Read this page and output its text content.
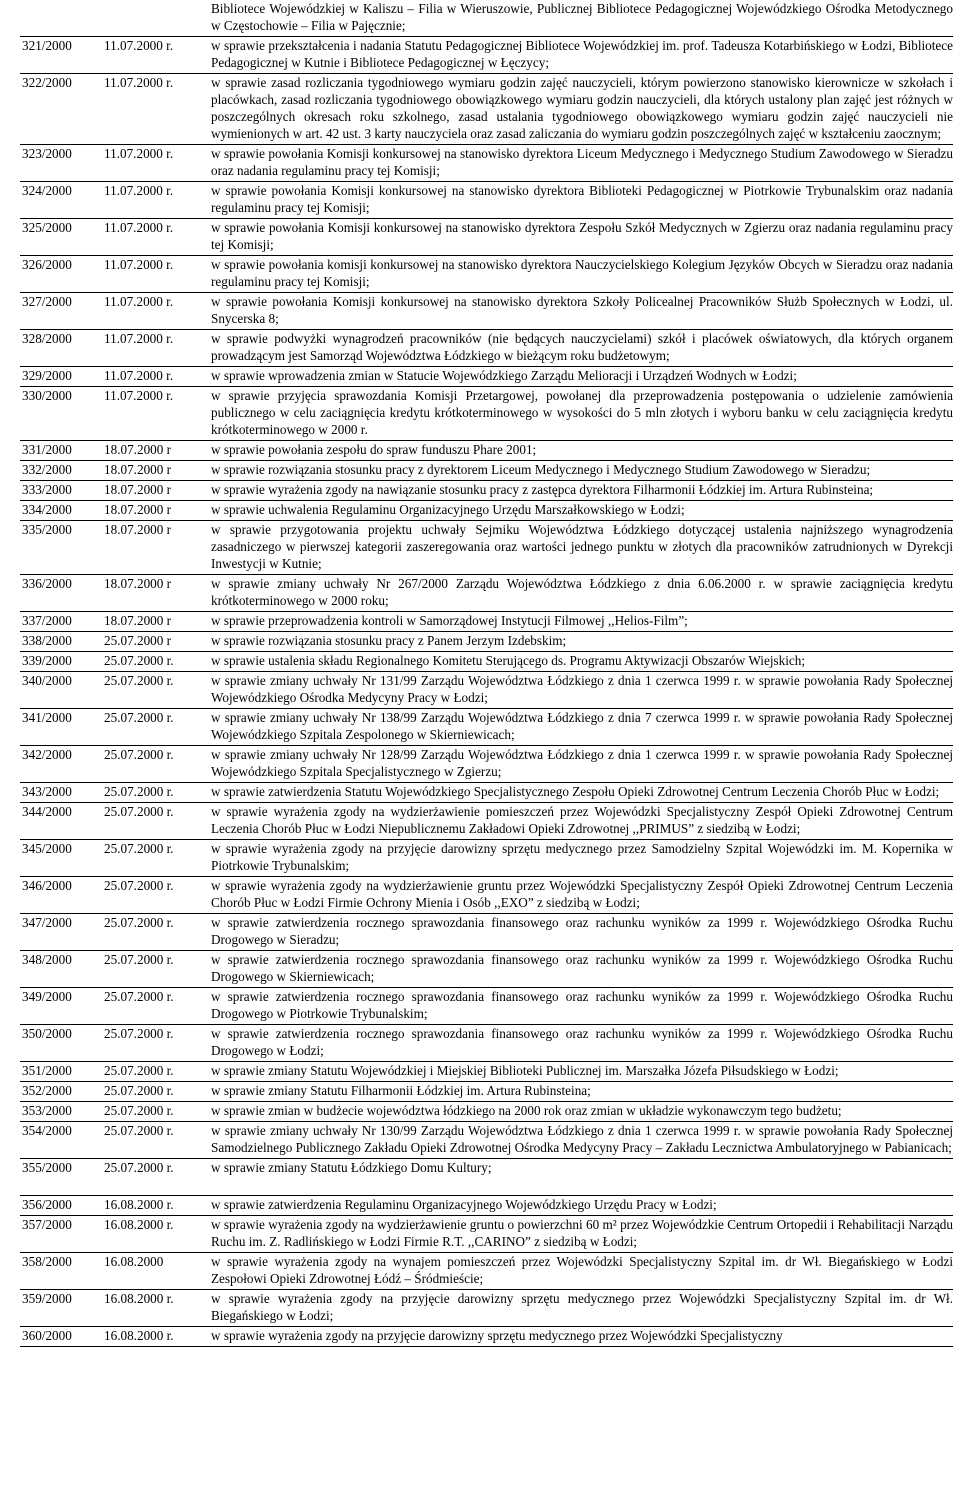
		Bibliotece Wojewódzkiej w Kaliszu – Filia w Wieruszowie, Publicznej Bibliotece Pedagogicznej Wojewódzkiego Ośrodka Metodycznego w Częstochowie – Filia w Pajęcznie;
321/2000	11.07.2000 r.	w sprawie przekształcenia i nadania Statutu Pedagogicznej Bibliotece Wojewódzkiej im. prof. Tadeusza Kotarbińskiego w Łodzi, Bibliotece Pedagogicznej w Kutnie i Bibliotece Pedagogicznej w Łęczycy;
322/2000	11.07.2000 r.	w sprawie zasad rozliczania tygodniowego wymiaru godzin zajęć nauczycieli, którym powierzono stanowisko kierownicze w szkołach i placówkach, zasad rozliczania tygodniowego obowiązkowego wymiaru godzin nauczycieli, dla których ustalony plan zajęć jest różnych w poszczególnych okresach roku szkolnego, zasad ustalania tygodniowego obowiązkowego wymiaru godzin zajęć nauczycieli nie wymienionych w art. 42 ust. 3 karty nauczyciela oraz zasad zaliczania do wymiaru godzin poszczególnych zajęć w kształceniu zaocznym;
323/2000	11.07.2000 r.	w sprawie powołania Komisji konkursowej na stanowisko dyrektora Liceum Medycznego i Medycznego Studium Zawodowego w Sieradzu oraz nadania regulaminu pracy tej Komisji;
324/2000	11.07.2000 r.	w sprawie powołania Komisji konkursowej na stanowisko dyrektora Biblioteki Pedagogicznej w Piotrkowie Trybunalskim oraz nadania regulaminu pracy tej Komisji;
325/2000	11.07.2000 r.	w sprawie powołania Komisji konkursowej na stanowisko dyrektora Zespołu Szkół Medycznych w Zgierzu oraz nadania regulaminu pracy tej Komisji;
326/2000	11.07.2000 r.	w sprawie powołania komisji konkursowej na stanowisko dyrektora Nauczycielskiego Kolegium Języków Obcych w Sieradzu oraz nadania regulaminu pracy tej Komisji;
327/2000	11.07.2000 r.	w sprawie powołania Komisji konkursowej na stanowisko dyrektora Szkoły Policealnej Pracowników Służb Społecznych w Łodzi, ul. Snycerska 8;
328/2000	11.07.2000 r.	w sprawie podwyżki wynagrodzeń pracowników (nie będących nauczycielami) szkół i placówek oświatowych, dla których organem prowadzącym jest Samorząd Województwa Łódzkiego w bieżącym roku budżetowym;
329/2000	11.07.2000 r.	w sprawie wprowadzenia zmian w Statucie Wojewódzkiego Zarządu Melioracji i Urządzeń Wodnych w Łodzi;
330/2000	11.07.2000 r.	w sprawie przyjęcia sprawozdania Komisji Przetargowej, powołanej dla przeprowadzenia postępowania o udzielenie zamówienia publicznego w celu zaciągnięcia kredytu krótkoterminowego w wysokości do 5 mln złotych i wyboru banku w celu zaciągnięcia kredytu krótkoterminowego w 2000 r.
331/2000	18.07.2000 r	w sprawie powołania zespołu do spraw funduszu Phare 2001;
332/2000	18.07.2000 r	w sprawie rozwiązania stosunku pracy z dyrektorem Liceum Medycznego i Medycznego Studium Zawodowego w Sieradzu;
333/2000	18.07.2000 r	w sprawie wyrażenia zgody na nawiązanie stosunku pracy z zastępca dyrektora Filharmonii Łódzkiej im. Artura Rubinsteina;
334/2000	18.07.2000 r	w sprawie uchwalenia Regulaminu Organizacyjnego Urzędu Marszałkowskiego w Łodzi;
335/2000	18.07.2000 r	w sprawie przygotowania projektu uchwały Sejmiku Województwa Łódzkiego dotyczącej ustalenia najniższego wynagrodzenia zasadniczego w pierwszej kategorii zaszeregowania oraz wartości jednego punktu w złotych dla pracowników zatrudnionych w Dyrekcji Inwestycji w Kutnie;
336/2000	18.07.2000 r	w sprawie zmiany uchwały Nr 267/2000 Zarządu Województwa Łódzkiego z dnia 6.06.2000 r. w sprawie zaciągnięcia kredytu krótkoterminowego w 2000 roku;
337/2000	18.07.2000 r	w sprawie przeprowadzenia kontroli w Samorządowej Instytucji Filmowej ,,Helios-Film”;
338/2000	25.07.2000 r	w sprawie rozwiązania stosunku pracy z Panem Jerzym Izdebskim;
339/2000	25.07.2000 r.	w sprawie ustalenia składu Regionalnego Komitetu Sterującego ds. Programu Aktywizacji Obszarów Wiejskich;
340/2000	25.07.2000 r.	w sprawie zmiany uchwały Nr 131/99 Zarządu Województwa Łódzkiego z dnia 1 czerwca 1999 r. w sprawie powołania Rady Społecznej Wojewódzkiego Ośrodka Medycyny Pracy w Łodzi;
341/2000	25.07.2000 r.	w sprawie zmiany uchwały Nr 138/99 Zarządu Województwa Łódzkiego z dnia 7 czerwca 1999 r. w sprawie powołania Rady Społecznej Wojewódzkiego Szpitala Zespolonego w Skierniewicach;
342/2000	25.07.2000 r.	w sprawie zmiany uchwały Nr 128/99 Zarządu Województwa Łódzkiego z dnia 1 czerwca 1999 r. w sprawie powołania Rady Społecznej Wojewódzkiego Szpitala Specjalistycznego w Zgierzu;
343/2000	25.07.2000 r.	w sprawie zatwierdzenia Statutu Wojewódzkiego Specjalistycznego Zespołu Opieki Zdrowotnej Centrum Leczenia Chorób Płuc w Łodzi;
344/2000	25.07.2000 r.	w sprawie wyrażenia zgody na wydzierżawienie pomieszczeń przez Wojewódzki Specjalistyczny Zespół Opieki Zdrowotnej Centrum Leczenia Chorób Płuc w Łodzi Niepublicznemu Zakładowi Opieki Zdrowotnej ,,PRIMUS” z siedzibą w Łodzi;
345/2000	25.07.2000 r.	w sprawie wyrażenia zgody na przyjęcie darowizny sprzętu medycznego przez Samodzielny Szpital Wojewódzki im. M. Kopernika w Piotrkowie Trybunalskim;
346/2000	25.07.2000 r.	w sprawie wyrażenia zgody na wydzierżawienie gruntu przez Wojewódzki Specjalistyczny Zespół Opieki Zdrowotnej Centrum Leczenia Chorób Płuc w Łodzi Firmie Ochrony Mienia i Osób ,,EXO” z siedzibą w Łodzi;
347/2000	25.07.2000 r.	w sprawie zatwierdzenia rocznego sprawozdania finansowego oraz rachunku wyników za 1999 r. Wojewódzkiego Ośrodka Ruchu Drogowego w Sieradzu;
348/2000	25.07.2000 r.	w sprawie zatwierdzenia rocznego sprawozdania finansowego oraz rachunku wyników za 1999 r. Wojewódzkiego Ośrodka Ruchu Drogowego w Skierniewicach;
349/2000	25.07.2000 r.	w sprawie zatwierdzenia rocznego sprawozdania finansowego oraz rachunku wyników za 1999 r. Wojewódzkiego Ośrodka Ruchu Drogowego w Piotrkowie Trybunalskim;
350/2000	25.07.2000 r.	w sprawie zatwierdzenia rocznego sprawozdania finansowego oraz rachunku wyników za 1999 r. Wojewódzkiego Ośrodka Ruchu Drogowego w Łodzi;
351/2000	25.07.2000 r.	w sprawie zmiany Statutu Wojewódzkiej i Miejskiej Biblioteki Publicznej im. Marszałka Józefa Piłsudskiego w Łodzi;
352/2000	25.07.2000 r.	w sprawie zmiany Statutu Filharmonii Łódzkiej im. Artura Rubinsteina;
353/2000	25.07.2000 r.	w sprawie zmian w budżecie województwa łódzkiego na 2000 rok oraz zmian w układzie wykonawczym tego budżetu;
354/2000	25.07.2000 r.	w sprawie zmiany uchwały Nr 130/99 Zarządu Województwa Łódzkiego z dnia 1 czerwca 1999 r. w sprawie powołania Rady Społecznej Samodzielnego Publicznego Zakładu Opieki Zdrowotnej Ośrodka Medycyny Pracy – Zakładu Lecznictwa Ambulatoryjnego w Pabianicach;
355/2000	25.07.2000 r.	w sprawie zmiany Statutu Łódzkiego Domu Kultury;
356/2000	16.08.2000 r.	w sprawie zatwierdzenia Regulaminu Organizacyjnego Wojewódzkiego Urzędu Pracy w Łodzi;
357/2000	16.08.2000 r.	w sprawie wyrażenia zgody na wydzierżawienie gruntu o powierzchni 60 m² przez Wojewódzkie Centrum Ortopedii i Rehabilitacji Narządu Ruchu im. Z. Radlińskiego w Łodzi Firmie R.T. ,,CARINO” z siedzibą w Łodzi;
358/2000	16.08.2000	w sprawie wyrażenia zgody na wynajem pomieszczeń przez Wojewódzki Specjalistyczny Szpital im. dr Wł. Biegańskiego w Łodzi Zespołowi Opieki Zdrowotnej Łódź – Śródmieście;
359/2000	16.08.2000 r.	w sprawie wyrażenia zgody na przyjęcie darowizny sprzętu medycznego przez Wojewódzki Specjalistyczny Szpital im. dr Wł. Biegańskiego w Łodzi;
360/2000	16.08.2000 r.	w sprawie wyrażenia zgody na przyjęcie darowizny sprzętu medycznego przez Wojewódzki Specjalistyczny
